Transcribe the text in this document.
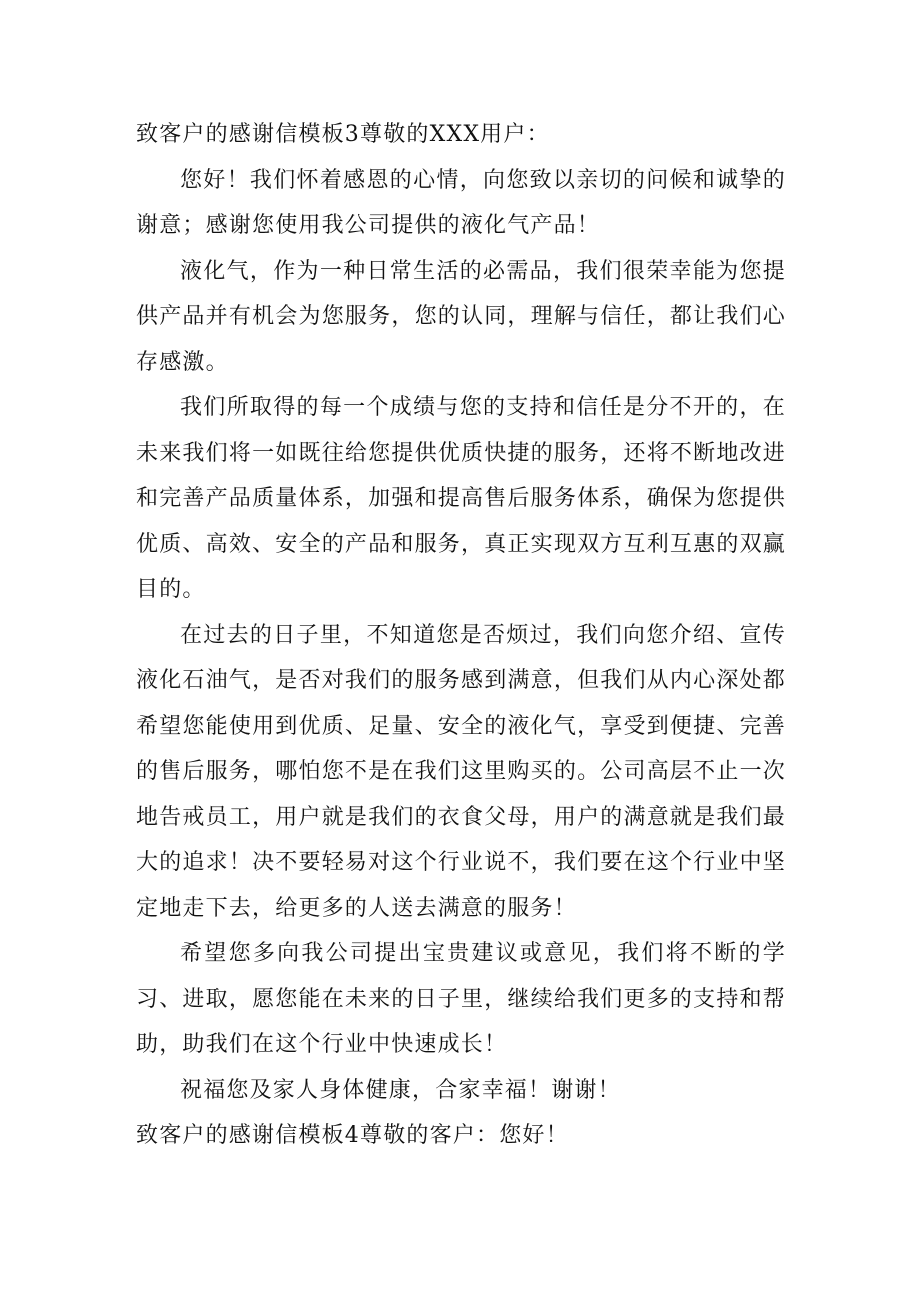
致客户的感谢信模板3尊敬的XXX用户：

您好！我们怀着感恩的心情，向您致以亲切的问候和诚挚的谢意；感谢您使用我公司提供的液化气产品！

液化气，作为一种日常生活的必需品，我们很荣幸能为您提供产品并有机会为您服务，您的认同，理解与信任，都让我们心存感激。

我们所取得的每一个成绩与您的支持和信任是分不开的，在未来我们将一如既往给您提供优质快捷的服务，还将不断地改进和完善产品质量体系，加强和提高售后服务体系，确保为您提供优质、高效、安全的产品和服务，真正实现双方互利互惠的双赢目的。

在过去的日子里，不知道您是否烦过，我们向您介绍、宣传液化石油气，是否对我们的服务感到满意，但我们从内心深处都希望您能使用到优质、足量、安全的液化气，享受到便捷、完善的售后服务，哪怕您不是在我们这里购买的。公司高层不止一次地告戒员工，用户就是我们的衣食父母，用户的满意就是我们最大的追求！决不要轻易对这个行业说不，我们要在这个行业中坚定地走下去，给更多的人送去满意的服务！

希望您多向我公司提出宝贵建议或意见，我们将不断的学习、进取，愿您能在未来的日子里，继续给我们更多的支持和帮助，助我们在这个行业中快速成长！

祝福您及家人身体健康，合家幸福！谢谢！

致客户的感谢信模板4尊敬的客户：您好！
